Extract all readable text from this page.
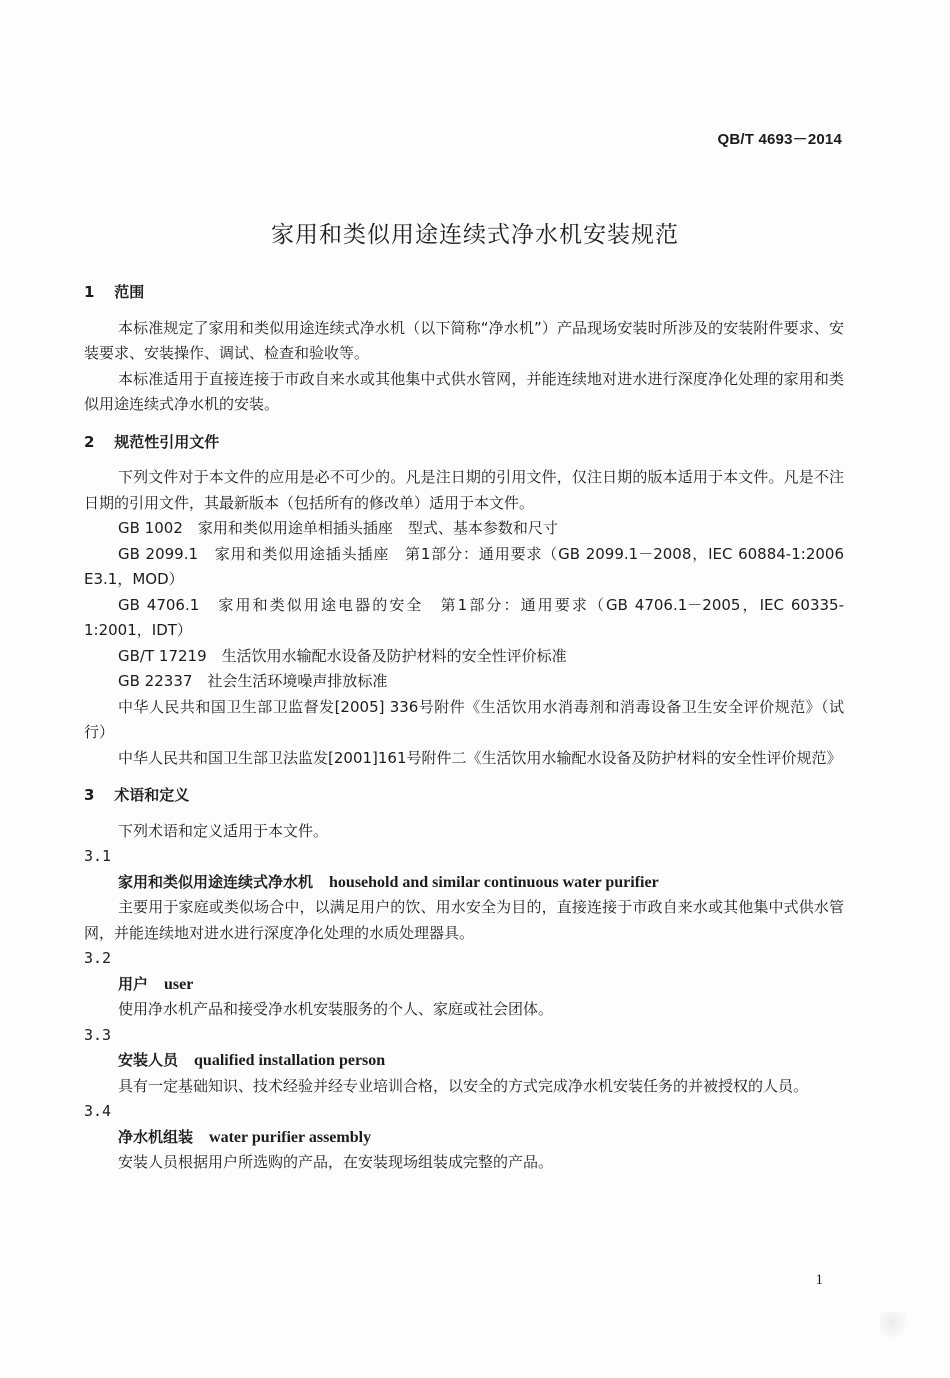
QB/T 4693－2014
家用和类似用途连续式净水机安装规范

1 范围

本标准规定了家用和类似用途连续式净水机（以下简称“净水机”）产品现场安装时所涉及的安装附件要求、安装要求、安装操作、调试、检查和验收等。

本标准适用于直接连接于市政自来水或其他集中式供水管网，并能连续地对进水进行深度净化处理的家用和类似用途连续式净水机的安装。

2 规范性引用文件

下列文件对于本文件的应用是必不可少的。凡是注日期的引用文件，仅注日期的版本适用于本文件。凡是不注日期的引用文件，其最新版本（包括所有的修改单）适用于本文件。

GB 1002　家用和类似用途单相插头插座　型式、基本参数和尺寸

GB 2099.1　家用和类似用途插头插座　第1部分：通用要求（GB 2099.1－2008，IEC 60884-1:2006 E3.1，MOD）

GB 4706.1　家用和类似用途电器的安全　第1部分：通用要求（GB 4706.1－2005，IEC 60335-1:2001，IDT）

GB/T 17219　生活饮用水输配水设备及防护材料的安全性评价标准

GB 22337　社会生活环境噪声排放标准

中华人民共和国卫生部卫监督发[2005] 336号附件《生活饮用水消毒剂和消毒设备卫生安全评价规范》（试行）

中华人民共和国卫生部卫法监发[2001]161号附件二《生活饮用水输配水设备及防护材料的安全性评价规范》

3 术语和定义

下列术语和定义适用于本文件。

3.1

家用和类似用途连续式净水机 household and similar continuous water purifier

主要用于家庭或类似场合中，以满足用户的饮、用水安全为目的，直接连接于市政自来水或其他集中式供水管网，并能连续地对进水进行深度净化处理的水质处理器具。

3.2

用户 user

使用净水机产品和接受净水机安装服务的个人、家庭或社会团体。

3.3

安装人员 qualified installation person

具有一定基础知识、技术经验并经专业培训合格，以安全的方式完成净水机安装任务的并被授权的人员。

3.4

净水机组装 water purifier assembly

安装人员根据用户所选购的产品，在安装现场组装成完整的产品。

1
